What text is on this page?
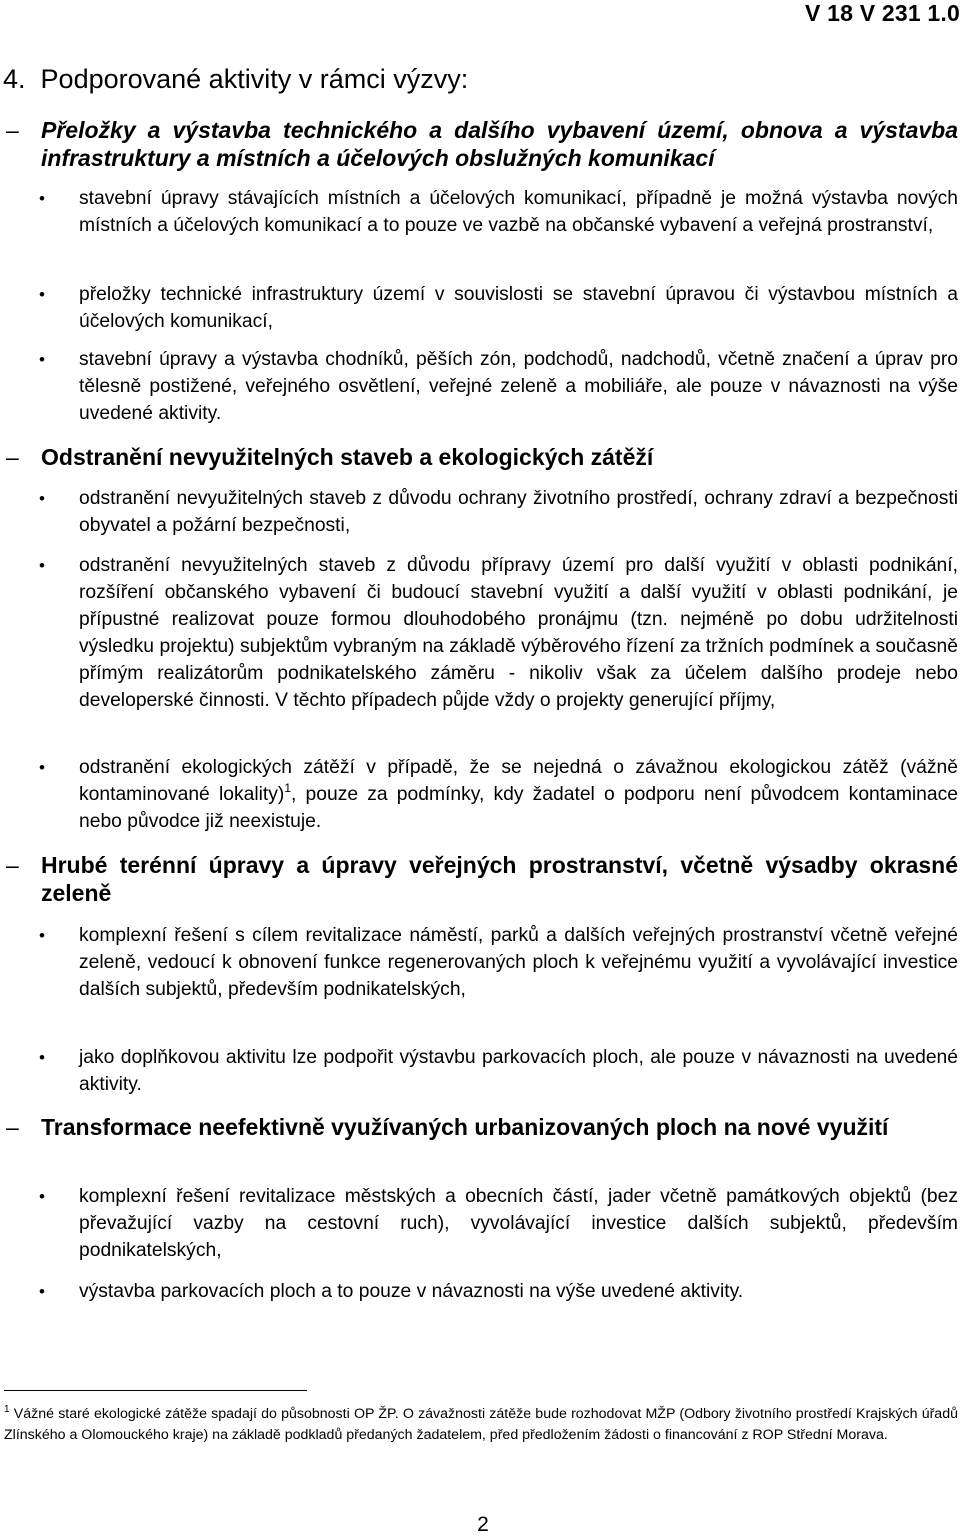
V 18 V 231 1.0
4. Podporované aktivity v rámci výzvy:
– Přeložky a výstavba technického a dalšího vybavení území, obnova a výstavba infrastruktury a místních a účelových obslužných komunikací
• stavební úpravy stávajících místních a účelových komunikací, případně je možná výstavba nových místních a účelových komunikací a to pouze ve vazbě na občanské vybavení a veřejná prostranství,
• přeložky technické infrastruktury území v souvislosti se stavební úpravou či výstavbou místních a účelových komunikací,
• stavební úpravy a výstavba chodníků, pěších zón, podchodů, nadchodů, včetně značení a úprav pro tělesně postižené, veřejného osvětlení, veřejné zeleně a mobiliáře, ale pouze v návaznosti na výše uvedené aktivity.
– Odstranění nevyužitelných staveb a ekologických zátěží
• odstranění nevyužitelných staveb z důvodu ochrany životního prostředí, ochrany zdraví a bezpečnosti obyvatel a požární bezpečnosti,
• odstranění nevyužitelných staveb z důvodu přípravy území pro další využití v oblasti podnikání, rozšíření občanského vybavení či budoucí stavební využití a další využití v oblasti podnikání, je přípustné realizovat pouze formou dlouhodobého pronájmu (tzn. nejméně po dobu udržitelnosti výsledku projektu) subjektům vybraným na základě výběrového řízení za tržních podmínek a současně přímým realizátorům podnikatelského záměru - nikoliv však za účelem dalšího prodeje nebo developerské činnosti. V těchto případech půjde vždy o projekty generující příjmy,
• odstranění ekologických zátěží v případě, že se nejedná o závažnou ekologickou zátěž (vážně kontaminované lokality)$^1$, pouze za podmínky, kdy žadatel o podporu není původcem kontaminace nebo původce již neexistuje.
– Hrubé terénní úpravy a úpravy veřejných prostranství, včetně výsadby okrasné zeleně
• komplexní řešení s cílem revitalizace náměstí, parků a dalších veřejných prostranství včetně veřejné zeleně, vedoucí k obnovení funkce regenerovaných ploch k veřejnému využití a vyvolávající investice dalších subjektů, především podnikatelských,
• jako doplňkovou aktivitu lze podpořit výstavbu parkovacích ploch, ale pouze v návaznosti na uvedené aktivity.
– Transformace neefektivně využívaných urbanizovaných ploch na nové využití
• komplexní řešení revitalizace městských a obecních částí, jader včetně památkových objektů (bez převažující vazby na cestovní ruch), vyvolávající investice dalších subjektů, především podnikatelských,
• výstavba parkovacích ploch a to pouze v návaznosti na výše uvedené aktivity.
$^1$ Vážné staré ekologické zátěže spadají do působnosti OP ŽP. O závažnosti zátěže bude rozhodovat MŽP (Odbory životního prostředí Krajských úřadů Zlínského a Olomouckého kraje) na základě podkladů předaných žadatelem, před předložením žádosti o financování z ROP Střední Morava.
2
